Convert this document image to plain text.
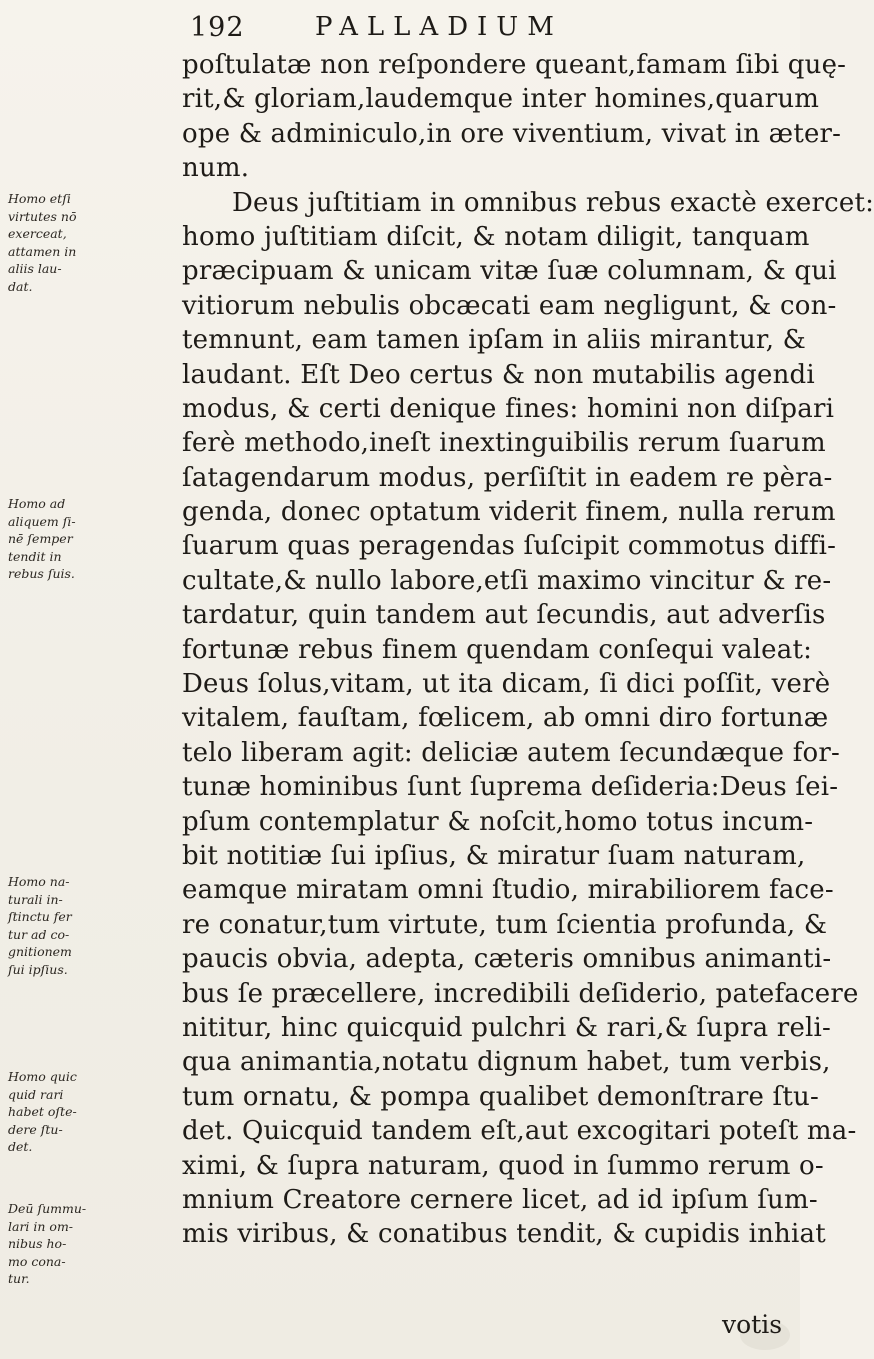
192	PALLADIUM
poſtulatæ non reſpondere queant,famam ſibi quę-
rit,& gloriam,laudemque inter homines,quarum
ope & adminiculo,in ore viventium, vivat in æter-
num.
Deus juſtitiam in omnibus rebus exactè exercet:
homo juſtitiam diſcit, & notam diligit, tanquam
præcipuam & unicam vitæ ſuæ columnam, & qui
vitiorum nebulis obcæcati eam negligunt, & con-
temnunt, eam tamen ipſam in aliis mirantur, &
laudant. Eſt Deo certus & non mutabilis agendi
modus, & certi denique fines: homini non diſpari
ferè methodo,ineſt inextinguibilis rerum ſuarum
ſatagendarum modus, perſiſtit in eadem re pèra-
genda, donec optatum viderit finem, nulla rerum
ſuarum quas peragendas ſuſcipit commotus diffi-
cultate,& nullo labore,etſi maximo vincitur & re-
tardatur, quin tandem aut ſecundis, aut adverſis
fortunæ rebus finem quendam conſequi valeat:
Deus ſolus,vitam, ut ita dicam, ſi dici poſſit, verè
vitalem, fauſtam, fœlicem, ab omni diro fortunæ
telo liberam agit: deliciæ autem ſecundæque for-
tunæ hominibus ſunt ſuprema deſideria:Deus ſei-
pſum contemplatur & noſcit,homo totus incum-
bit notitiæ ſui ipſius, & miratur ſuam naturam,
eamque miratam omni ſtudio, mirabiliorem face-
re conatur,tum virtute, tum ſcientia profunda, &
paucis obvia, adepta, cæteris omnibus animanti-
bus ſe præcellere, incredibili deſiderio, patefacere
nititur, hinc quicquid pulchri & rari,& ſupra reli-
qua animantia,notatu dignum habet, tum verbis,
tum ornatu, & pompa qualibet demonſtrare ſtu-
det. Quicquid tandem eſt,aut excogitari poteſt ma-
ximi, & ſupra naturam, quod in ſummo rerum o-
mnium Creatore cernere licet, ad id ipſum ſum-
mis viribus, & conatibus tendit, & cupidis inhiat
Homo etſi
virtutes nō
exerceat,
attamen in
aliis lau-
dat.
Homo ad
aliquem ſi-
nē ſemper
tendit in
rebus ſuis.
Homo na-
turali in-
ſtinctu fer
tur ad co-
gnitionem
ſui ipſius.
Homo quic
quid rari
habet oſte-
dere ſtu-
det.
Deū ſummu-
lari in om-
nibus ho-
mo cona-
tur.
votis
